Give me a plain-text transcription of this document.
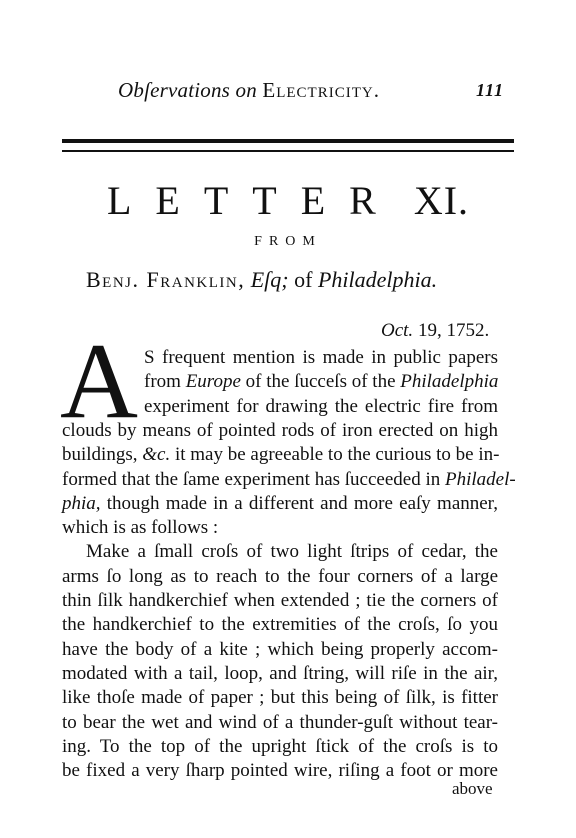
Obſervations on Electricity.	111
LETTER XI.
FROM
Benj. Franklin, Eſq; of Philadelphia.
Oct. 19, 1752.
A S frequent mention is made in public papers
from Europe of the ſucceſs of the Philadelphia
experiment for drawing the electric fire from
clouds by means of pointed rods of iron erected on high
buildings, &c. it may be agreeable to the curious to be in-
formed that the ſame experiment has ſucceeded in Philadel-
phia, though made in a different and more eaſy manner,
which is as follows :
Make a ſmall croſs of two light ſtrips of cedar, the
arms ſo long as to reach to the four corners of a large
thin ſilk handkerchief when extended ; tie the corners of
the handkerchief to the extremities of the croſs, ſo you
have the body of a kite ; which being properly accom-
modated with a tail, loop, and ſtring, will riſe in the air,
like thoſe made of paper ; but this being of ſilk, is fitter
to bear the wet and wind of a thunder-guſt without tear-
ing. To the top of the upright ſtick of the croſs is to
be fixed a very ſharp pointed wire, riſing a foot or more
above
